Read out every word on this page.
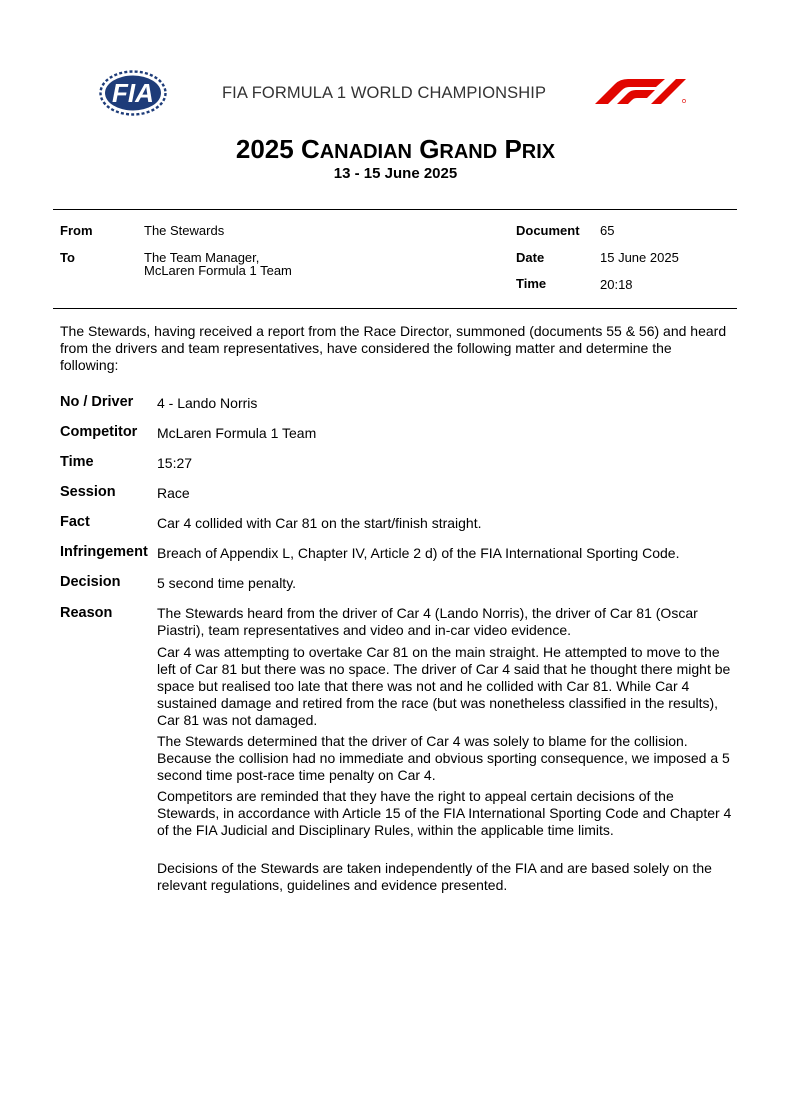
FIA	FIA FORMULA 1 WORLD CHAMPIONSHIP
2025 CANADIAN GRAND PRIX
13 - 15 June 2025
From	The Stewards
To	The Team Manager,
McLaren Formula 1 Team
Document 65
Date	15 June 2025
Time	20:18
The Stewards, having received a report from the Race Director, summoned (documents 55 & 56) and heard from the drivers and team representatives, have considered the following matter and determine the following:
No / Driver 4 - Lando Norris
Competitor McLaren Formula 1 Team
Time	15:27
Session	Race
Fact	Car 4 collided with Car 81 on the start/finish straight.
Infringement Breach of Appendix L, Chapter IV, Article 2 d) of the FIA International Sporting Code.
Decision	5 second time penalty.
Reason	The Stewards heard from the driver of Car 4 (Lando Norris), the driver of Car 81 (Oscar Piastri), team representatives and video and in-car video evidence.
Car 4 was attempting to overtake Car 81 on the main straight. He attempted to move to the left of Car 81 but there was no space. The driver of Car 4 said that he thought there might be space but realised too late that there was not and he collided with Car 81. While Car 4 sustained damage and retired from the race (but was nonetheless classified in the results), Car 81 was not damaged.
The Stewards determined that the driver of Car 4 was solely to blame for the collision. Because the collision had no immediate and obvious sporting consequence, we imposed a 5 second time post-race time penalty on Car 4.
Competitors are reminded that they have the right to appeal certain decisions of the Stewards, in accordance with Article 15 of the FIA International Sporting Code and Chapter 4 of the FIA Judicial and Disciplinary Rules, within the applicable time limits.
Decisions of the Stewards are taken independently of the FIA and are based solely on the relevant regulations, guidelines and evidence presented.
